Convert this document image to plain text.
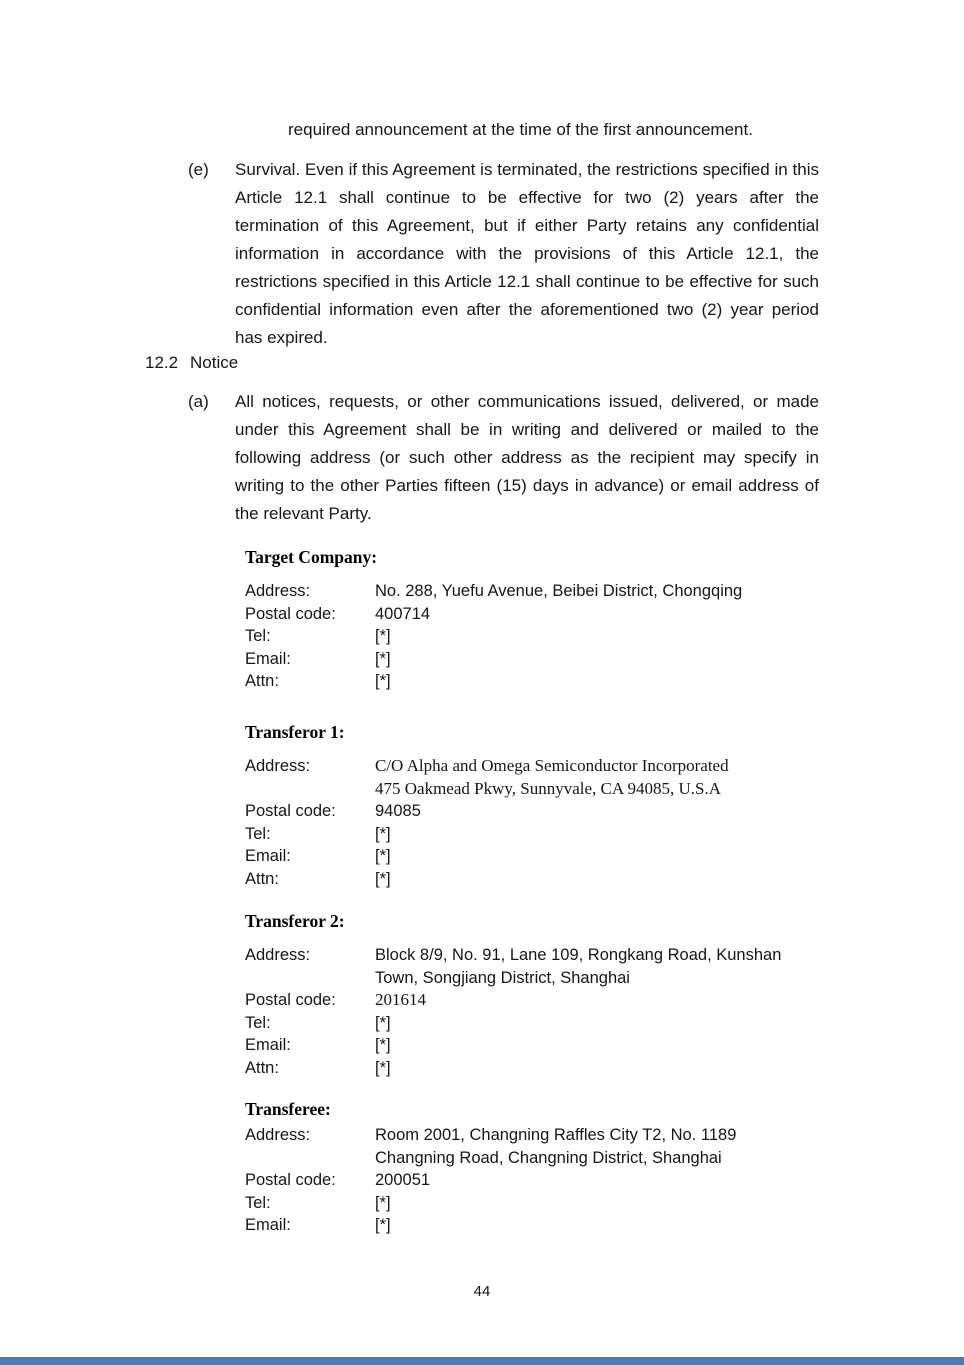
required announcement at the time of the first announcement.
(e) Survival. Even if this Agreement is terminated, the restrictions specified in this Article 12.1 shall continue to be effective for two (2) years after the termination of this Agreement, but if either Party retains any confidential information in accordance with the provisions of this Article 12.1, the restrictions specified in this Article 12.1 shall continue to be effective for such confidential information even after the aforementioned two (2) year period has expired.
12.2 Notice
(a) All notices, requests, or other communications issued, delivered, or made under this Agreement shall be in writing and delivered or mailed to the following address (or such other address as the recipient may specify in writing to the other Parties fifteen (15) days in advance) or email address of the relevant Party.
Target Company:
Address:	No. 288, Yuefu Avenue, Beibei District, Chongqing
Postal code:	400714
Tel:	[*]
Email:	[*]
Attn:	[*]
Transferor 1:
Address:	C/O Alpha and Omega Semiconductor Incorporated
475 Oakmead Pkwy, Sunnyvale, CA 94085, U.S.A
Postal code:	94085
Tel:	[*]
Email:	[*]
Attn:	[*]
Transferor 2:
Address:	Block 8/9, No. 91, Lane 109, Rongkang Road, Kunshan
Town, Songjiang District, Shanghai
Postal code:	201614
Tel:	[*]
Email:	[*]
Attn:	[*]
Transferee:
Address:	Room 2001, Changning Raffles City T2, No. 1189
Changning Road, Changning District, Shanghai
Postal code:	200051
Tel:	[*]
Email:	[*]
44
